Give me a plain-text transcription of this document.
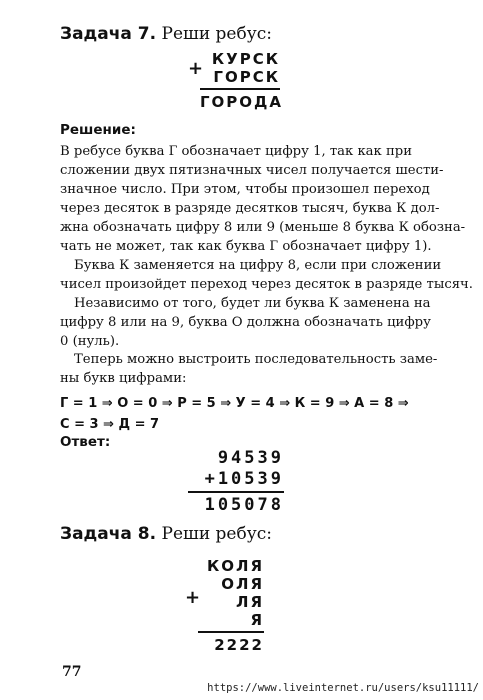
Задача 7. Реши ребус:
+ КУРСК
ГОРСК
ГОРОДА
Решение:
В ребусе буква Г обозначает цифру 1, так как при
сложении двух пятизначных чисел получается шести-
значное число. При этом, чтобы произошел переход
через десяток в разряде десятков тысяч, буква К дол-
жна обозначать цифру 8 или 9 (меньше 8 буква К обозна-
чать не может, так как буква Г обозначает цифру 1).
Буква К заменяется на цифру 8, если при сложении
чисел произойдет переход через десяток в разряде тысяч.
Независимо от того, будет ли буква К заменена на
цифру 8 или на 9, буква О должна обозначать цифру
0 (нуль).
Теперь можно выстроить последовательность заме-
ны букв цифрами:
Г = 1 ⇒ О = 0 ⇒ Р = 5 ⇒ У = 4 ⇒ К = 9 ⇒ А = 8 ⇒
С = 3 ⇒ Д = 7
Ответ:
94539
+10539
105078
Задача 8. Реши ребус:
+
КОЛЯ
ОЛЯ
ЛЯ
Я
2222
77
https://www.liveinternet.ru/users/ksu11111/
